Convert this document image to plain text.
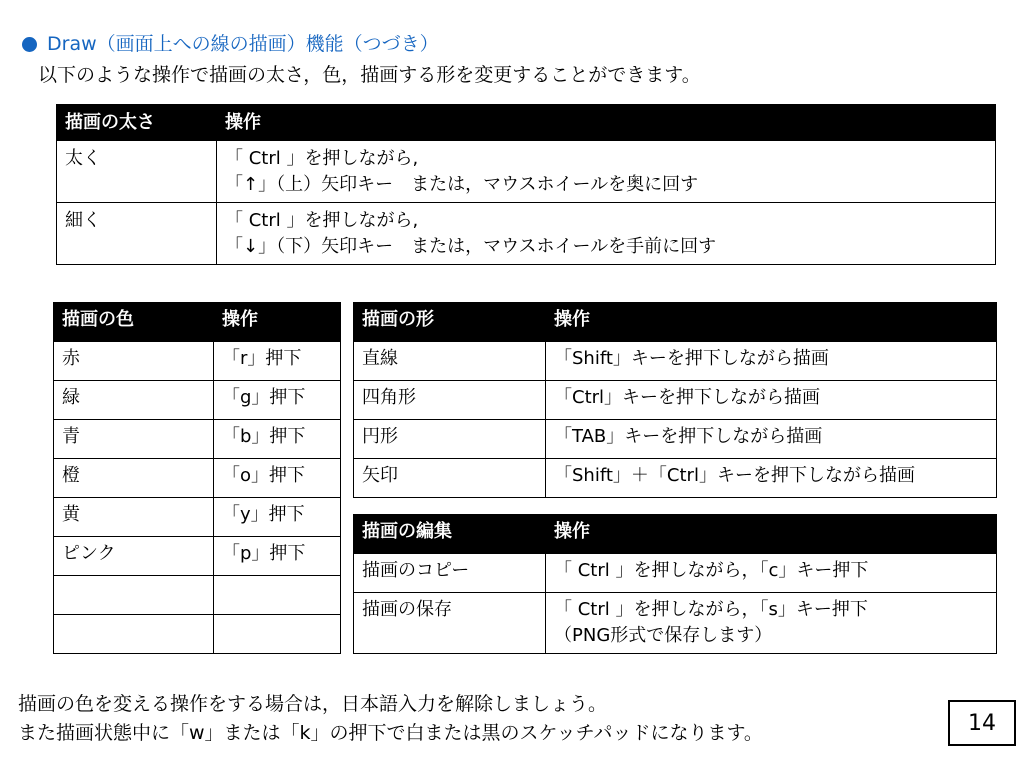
Draw（画面上への線の描画）機能（つづき）
以下のような操作で描画の太さ，色，描画する形を変更することができます。
描画の太さ	操作
太く	「 Ctrl 」を押しながら,
「↑」（上）矢印キー　または，マウスホイールを奥に回す

細く	「 Ctrl 」を押しながら,
「↓」（下）矢印キー　または，マウスホイールを手前に回す
描画の色	操作
赤	「r」押下
緑	「g」押下
青	「b」押下
橙	「o」押下
黄	「y」押下
ピンク	「p」押下

描画の形	操作
直線	「Shift」キーを押下しながら描画
四角形	「Ctrl」キーを押下しながら描画
円形	「TAB」キーを押下しながら描画
矢印	「Shift」＋「Ctrl」キーを押下しながら描画
描画の編集	操作
描画のコピー	「 Ctrl 」を押しながら，「c」キー押下

描画の保存	「 Ctrl 」を押しながら，「s」キー押下
（PNG形式で保存します）
描画の色を変える操作をする場合は，日本語入力を解除しましょう。
また描画状態中に「w」または「k」の押下で白または黒のスケッチパッドになります。	14
